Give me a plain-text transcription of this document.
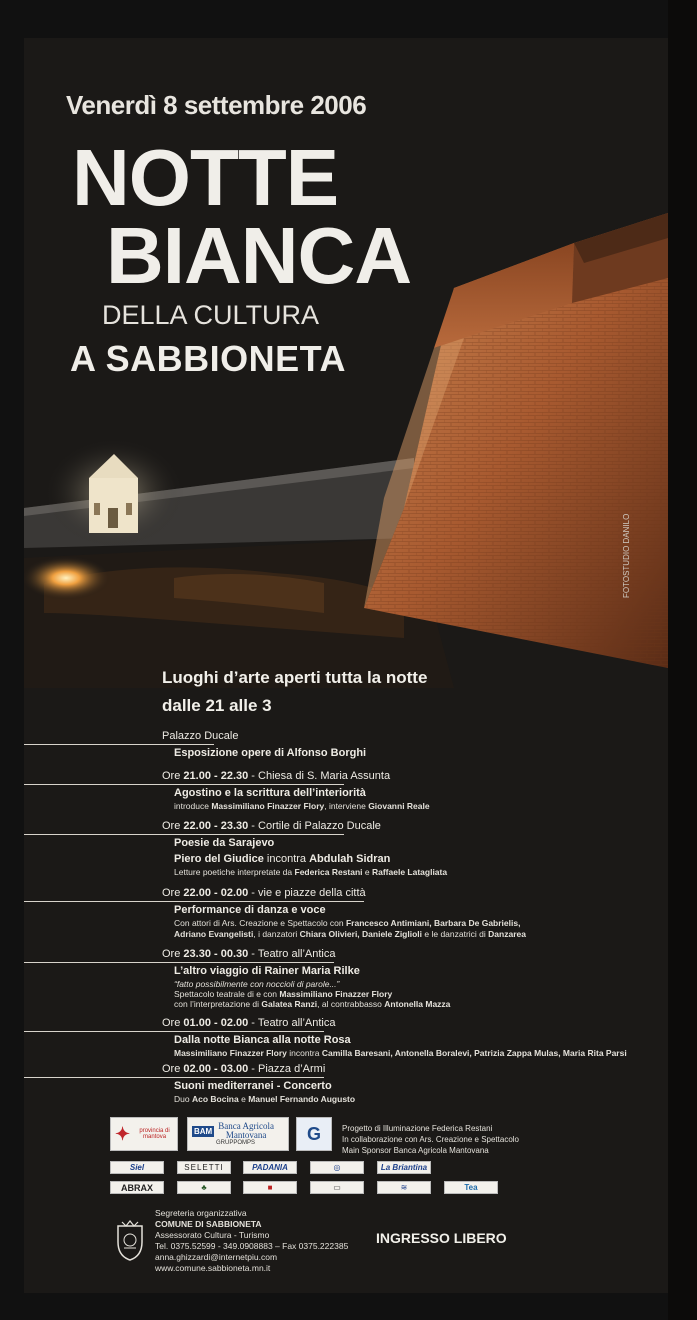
Venerdì 8 settembre 2006
NOTTE
BIANCA
DELLA CULTURA
A SABBIONETA
FOTOSTUDIO DANILO
Luoghi d’arte aperti tutta la notte
dalle 21 alle 3
Palazzo Ducale
Esposizione opere di Alfonso Borghi
Ore 21.00 - 22.30 - Chiesa di S. Maria Assunta
Agostino e la scrittura dell’interiorità
introduce Massimiliano Finazzer Flory, interviene Giovanni Reale
Ore 22.00 - 23.30 - Cortile di Palazzo Ducale
Poesie da Sarajevo
Piero del Giudice incontra Abdulah Sidran
Letture poetiche interpretate da Federica Restani e Raffaele Latagliata
Ore 22.00 - 02.00 - vie e piazze della città
Performance di danza e voce
Con attori di Ars. Creazione e Spettacolo con Francesco Antimiani, Barbara De Gabrielis,
Adriano Evangelisti, i danzatori Chiara Olivieri, Daniele Ziglioli e le danzatrici di Danzarea
Ore 23.30 - 00.30 - Teatro all’Antica
L’altro viaggio di Rainer Maria Rilke
“fatto possibilmente con noccioli di parole...”
Spettacolo teatrale di e con Massimiliano Finazzer Flory
con l’interpretazione di Galatea Ranzi, al contrabbasso Antonella Mazza
Ore 01.00 - 02.00 - Teatro all’Antica
Dalla notte Bianca alla notte Rosa
Massimiliano Finazzer Flory incontra Camilla Baresani, Antonella Boralevi, Patrizia Zappa Mulas, Maria Rita Parsi
Ore 02.00 - 03.00 - Piazza d’Armi
Suoni mediterranei - Concerto
Duo Aco Bocina e Manuel Fernando Augusto
✦	provincia di mantova
BAM Banca Agricola
Mantovana
GRUPPOMPS	G	Progetto di Illuminazione Federica Restani
In collaborazione con Ars. Creazione e Spettacolo
Main Sponsor Banca Agricola Mantovana
Siel	SELETTI	PADANIA	◎	La Briantina
ABRAX	♣	■	▭	≋	Tea
Segreteria organizzativa
COMUNE DI SABBIONETA
Assessorato Cultura - Turismo
Tel. 0375.52599 - 349.0908883 – Fax 0375.222385
anna.ghizzardi@internetpiu.com
www.comune.sabbioneta.mn.it
INGRESSO LIBERO
